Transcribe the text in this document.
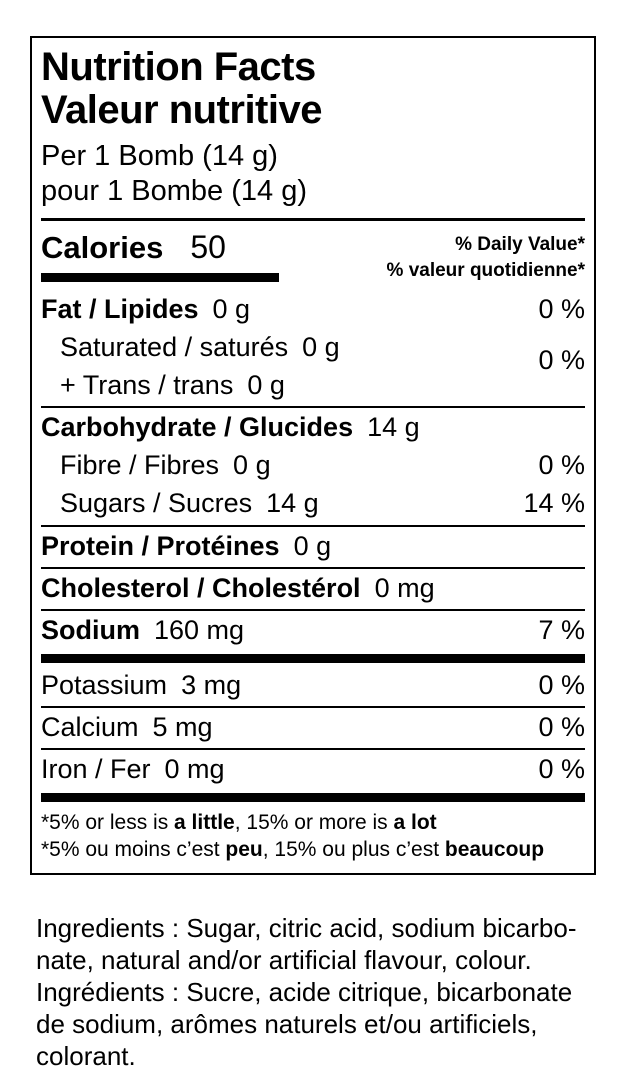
Nutrition Facts
Valeur nutritive
Per 1 Bomb (14 g)
pour 1 Bombe (14 g)
Calories 50	% Daily Value*
% valeur quotidienne*
Fat / Lipides 0 g	0 %
Saturated / saturés 0 g	0 %
+ Trans / trans 0 g
Carbohydrate / Glucides 14 g
Fibre / Fibres 0 g	0 %
Sugars / Sucres 14 g	14 %
Protein / Protéines 0 g
Cholesterol / Cholestérol 0 mg
Sodium 160 mg	7 %
Potassium 3 mg	0 %
Calcium 5 mg	0 %
Iron / Fer 0 mg	0 %
*5% or less is a little, 15% or more is a lot
*5% ou moins c’est peu, 15% ou plus c’est beaucoup
Ingredients : Sugar, citric acid, sodium bicarbo-
nate, natural and/or artificial flavour, colour.
Ingrédients : Sucre, acide citrique, bicarbonate
de sodium, arômes naturels et/ou artificiels,
colorant.
